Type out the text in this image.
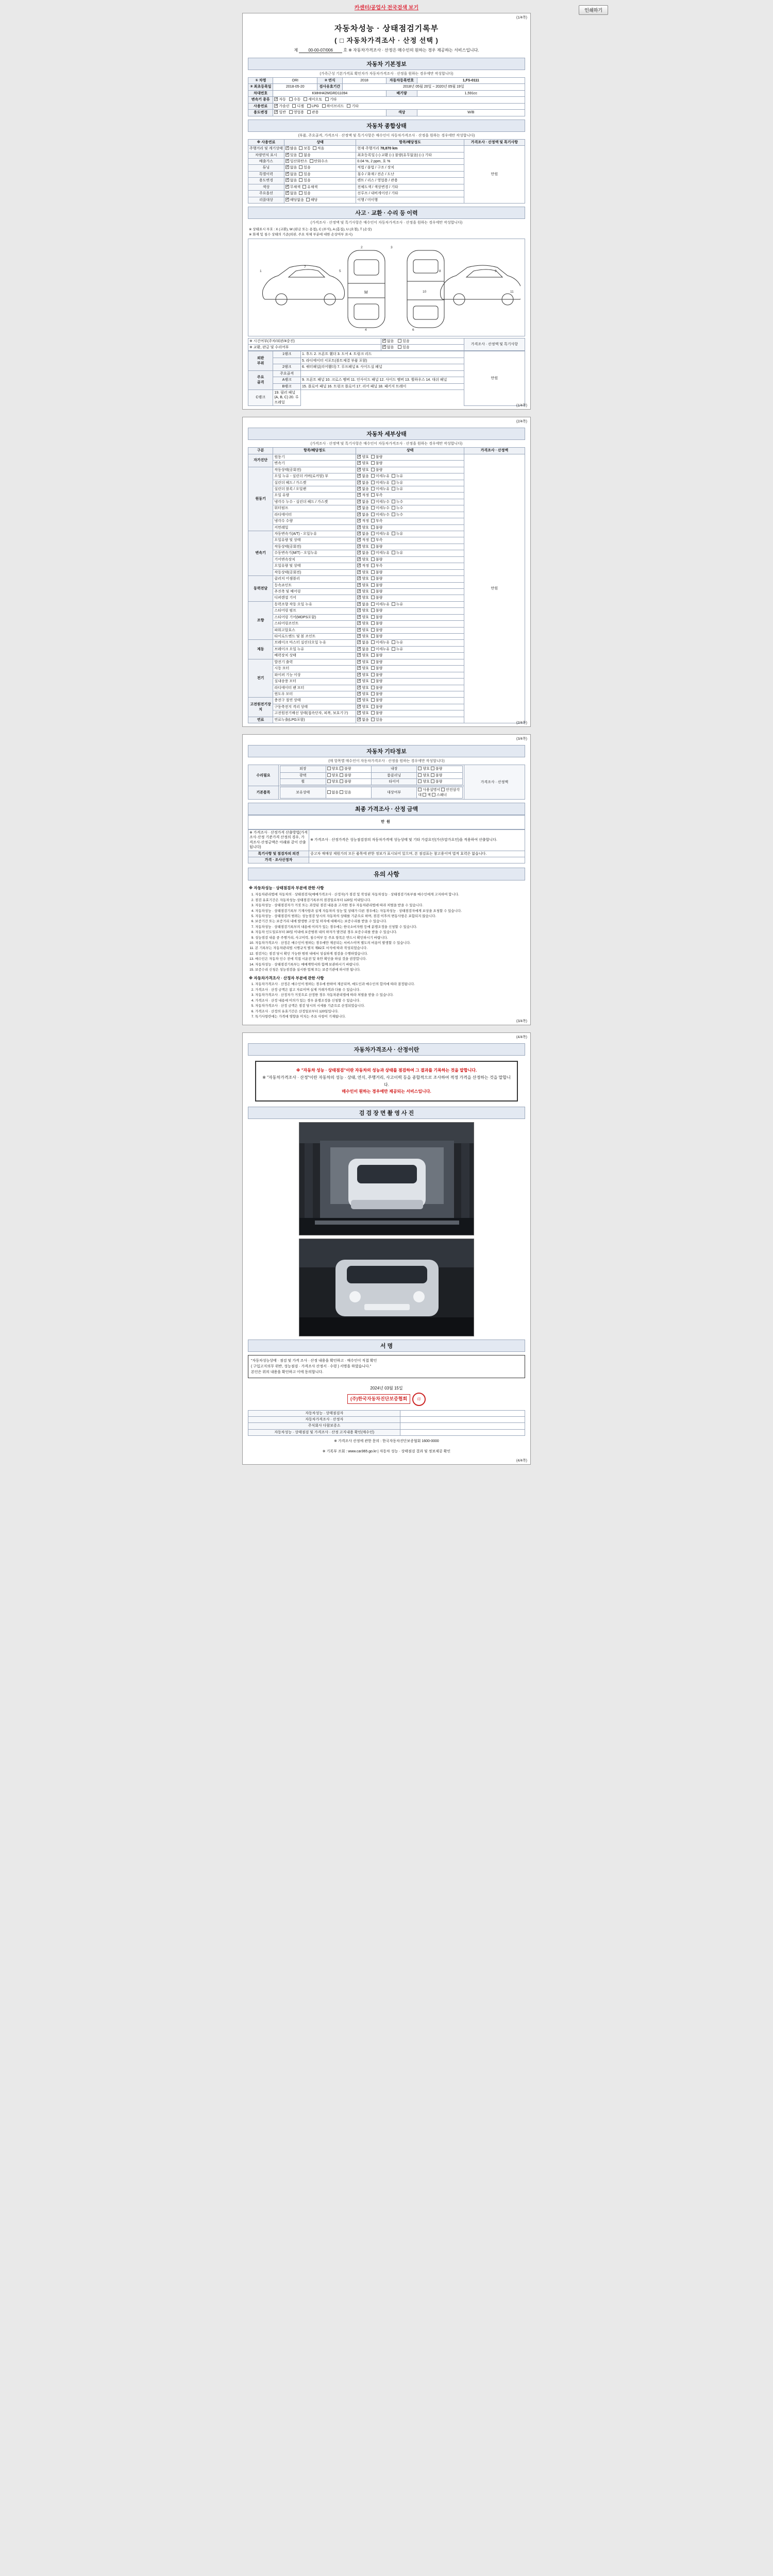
카센터/공업사 전국검색 보기	인쇄하기
(1/4쪽)
자동차성능 · 상태점검기록부
( □ 자동차가격조사 · 산정 선택 )
제	00-00-07/006	호 ※ 자동차가격조사 · 산정은 매수인의 원하는 경우 제공하는 서비스입니다.
자동차 기본정보
(가족근성 기본가격표 확인자가 자동차가격조사 · 산정을 원하는 경우에만 작성합니다)
① 차명	ORI	② 연식	2018	자동차등록번호	1,FS-0111
③ 최초등록일	2018-05-20	검사유효기간	2018년 05월 20일 ~ 2020년 05월 19일		
차대번호	KMHH42MGRD11094			배기량	1,591cc
변속기 종류	✓자동 수동 세미오토 기타
사용연료	✓가솔린 디젤 LPG 하이브리드 기타
용도변경	✓일반 영업용 관용			색상	W/B
자동차 종합상태
(부품, 주요골격, 가격조사 · 산정액 및 특기사항은 매수인이 자동차가격조사 · 산정을 원하는 경우에만 작성합니다)
※ 사용연료	상태	항목/해당정도	가격조사 · 산정액 및 특기사항
주행거리 및 계기상태	✓많음 보통 적음	현재 주행거리 78,870 km	만원
차량연식 표시	✓있음 없음	최초등록일 (○) 교환 (○) 불량(유무없음) (○) 기타	
배출가스	✓일산화탄소 탄화수소	0.04 %, 2 ppm, 호 %	
튜닝	✓없음 있음	적법 / 불법 / 구조 / 장치	
특별이력	✓없음 있음	침수 / 화재 / 전손 / 도난	
용도변경	✓없음 있음	렌트 / 리스 / 영업용 / 관용	
색상	✓무채색 유채색	전체도색 / 색상변경 / 기타	
주요옵션	✓없음 있음	선루프 / 내비게이션 / 기타	
리콜대상	✓해당없음 해당	이행 / 미이행	
사고 · 교환 · 수리 등 이력
(가격조사 · 산정액 및 특기사항은 매수인이 자동차가격조사 · 산정을 원하는 경우에만 작성합니다)
※ 상태표시 부호 : X (교환), W (판금 또는 용접), C (부식), A (흠집), U (요철), T (손상)
※ 화재 및 침수 상태의 기준(외판, 주요 차체 부분에 대한 손상여부 표시)
M
1
7
5
2	3
4	6
8	9
10	11
※ 시건여부(주차/외판/4중진)	✓없음 있음	가격조사 · 산정액 및 특기사항
※ 교환, 판금 및 수리여부	✓없음 있음
외판
부위	1랭크	1. 후드 2. 프론트 휀더 3. 도어 4. 트렁크 리드	만원
		5. 라디에이터 서포트(볼트체결 부품 포함)	
	2랭크	6. 쿼터패널(리어휀더) 7. 루프패널 8. 사이드실 패널	
주요
골격	주요골격		
	A랭크	9. 프론트 패널 10. 크로스 멤버 11. 인사이드 패널 12. 사이드 멤버 13. 휠하우스 14. 대쉬 패널	
	B랭크	15. 플로어 패널 16. 트렁크 플로어 17. 리어 패널 18. 패키지 트레이	
C랭크	19. 필러 패널 (A, B, C) 20. 루프레일		
(1/4쪽)
(2/4쪽)
자동차 세부상태
(가격조사 · 산정액 및 특기사항은 매수인이 자동차가격조사 · 산정을 원하는 경우에만 작성합니다)
구분	항목/해당정도	상태	가격조사 · 산정액
자가진단	원동기	✓양호 불량	만원
	변속기	✓양호 불량
원동기	작동상태(공회전)	✓양호 불량
	오일 누유 - 실린더 커버(로커암) 부	✓없음 미세누유 누유
	실린더 헤드 / 가스켓	✓없음 미세누유 누유
	실린더 블록 / 오일팬	✓없음 미세누유 누유
	오일 유량	✓적정 부족
	냉각수 누수 - 실린더 헤드 / 가스켓	✓없음 미세누수 누수
	워터펌프	✓없음 미세누수 누수
	라디에이터	✓없음 미세누수 누수
	냉각수 수량	✓적정 부족
	커먼레일	✓양호 불량
변속기	자동변속기(A/T) - 오일누유	✓없음 미세누유 누유
	오일유량 및 상태	✓적정 부족
	작동상태(공회전)	✓양호 불량
	수동변속기(M/T) - 오일누유	✓없음 미세누유 누유
	기어변속장치	✓양호 불량
	오일유량 및 상태	✓적정 부족
	작동상태(공회전)	✓양호 불량
동력전달	클러치 어셈블리	✓양호 불량
	등속죠인트	✓양호 불량
	추진축 및 베어링	✓양호 불량
	디퍼렌셜 기어	✓양호 불량
조향	동력조향 작동 오일 누유	✓없음 미세누유 누유
	스티어링 펌프	✓양호 불량
	스티어링 기어(MDPS포함)	✓양호 불량
	스티어링조인트	✓양호 불량
	파워고압호스	✓양호 불량
	타이로드엔드 및 볼 조인트	✓양호 불량
제동	브레이크 마스터 실린더오일 누유	✓없음 미세누유 누유
	브레이크 오일 누유	✓없음 미세누유 누유
	배력장치 상태	✓양호 불량
전기	발전기 출력	✓양호 불량
	시동 모터	✓양호 불량
	와이퍼 기능 이상	✓양호 불량
	실내송풍 모터	✓양호 불량
	라디에이터 팬 모터	✓양호 불량
	윈도우 모터	✓양호 불량
고전원전기장치	충전구 절연 상태	✓양호 불량
	구동축전지 격리 상태	✓양호 불량
	고전원전기배선 상태(접속단자, 피복, 보호기구)	✓양호 불량
연료	연료누출(LPG포함)	✓없음 있음
(2/4쪽)
(3/4쪽)
자동차 기타정보
(매 항목별 매수인이 자동차가격조사 · 산정을 원하는 경우에만 작성합니다)
수리필요	
외장	양호 불량	내장	양호 불량
광택	양호 불량	룸클리닝	양호 불량
휠	양호 불량	타이어	양호 불량
		가격조사 · 산정액
기본품목		보유상태	없음 있음	대상여부	사용설명서 안전삼각대 잭 스패너
최종 가격조사 · 산정 금액
만원
※ 가격조사 · 산정가격 산출방법(가격조사·산정 기준가격 산정의 경우, 가격조사·산정금액은 아래와 같이 산출됩니다)	※ 가격조사 · 산정가격은 성능점검장의 자동차가격에 성능상태 및 기타 가감요인(가산/감가요인)을 적용하여 산출합니다.
특기사항 및 점검자의 의견	중고차 매매상 제원가의 모든 품목에 관한 정보가 표시되어 있으며, 본 점검표는 참고용이며 법적 효력은 없습니다.
가격 · 조사산정자	
유의 사항
※ 자동차성능 · 상태점검자 부분에 관한 사항
1. 자동차관리법에 자동차의 · 상태점검자(매매가격조사 · 산정자)가 점검 및 작성된 자동차성능 · 상태점검기록부를 매수인에게 고지하여 합니다.
2. 점검 유효기간은 자동차성능·상태점검기록부의 점검일로부터 120일 이내입니다.
3. 자동차성능 · 상태점검자가 거짓 또는 과장된 점검 내용을 고지한 경우 자동차관리법에 따라 처벌을 받을 수 있습니다.
4. 자동차성능 · 상태점검기록부 기재사항과 실제 자동차의 성능 및 상태가 다른 경우에는 자동차성능 · 상태점검자에게 보상을 요청할 수 있습니다.
5. 자동차성능 · 상태점검의 범위는 성능점검 당시의 자동차의 상태를 기준으로 하며, 점검 이후의 변동사항은 포함되지 않습니다.
6. 보증기간 또는 보증거리 내에 발생한 고장 및 하자에 대해서는 보증수리를 받을 수 있습니다.
7. 자동차성능 · 상태점검기록부의 내용에 이의가 있는 경우에는 한국소비자원 등에 분쟁조정을 신청할 수 있습니다.
8. 자동차 인도일로부터 30일 이내에 보증범위 내의 하자가 발견된 경우 보증수리를 받을 수 있습니다.
9. 성능점검 내용 중 주행거리, 사고이력, 침수여부 등 주요 항목은 반드시 확인하시기 바랍니다.
10. 자동차가격조사 · 산정은 매수인이 원하는 경우에만 제공되는 서비스이며 별도의 비용이 발생할 수 있습니다.
11. 본 기록부는 자동차관리법 시행규칙 별지 제82호 서식에 따라 작성되었습니다.
12. 점검자는 점검 당시 확인 가능한 범위 내에서 성실하게 점검을 수행하였습니다.
13. 매수인은 자동차 인수 전에 직접 시운전 및 육안 확인을 하실 것을 권장합니다.
14. 자동차성능 · 상태점검기록부는 매매계약서와 함께 보관하시기 바랍니다.
15. 보증수리 신청은 성능점검을 실시한 업체 또는 보증기관에 하시면 됩니다.
※ 자동차가격조사 · 산정자 부분에 관한 사항
1. 자동차가격조사 · 산정은 매수인이 원하는 경우에 한하여 제공되며, 매도인과 매수인의 합의에 따라 결정됩니다.
2. 가격조사 · 산정 금액은 참고 자료이며 실제 거래가격과 다를 수 있습니다.
3. 자동차가격조사 · 산정자가 거짓으로 산정한 경우 자동차관리법에 따라 처벌을 받을 수 있습니다.
4. 가격조사 · 산정 내용에 이의가 있는 경우 분쟁조정을 신청할 수 있습니다.
5. 자동차가격조사 · 산정 금액은 점검 당시의 시세를 기준으로 산정되었습니다.
6. 가격조사 · 산정의 유효기간은 산정일로부터 120일입니다.
7. 특기사항란에는 가격에 영향을 미치는 주요 사항이 기재됩니다.
(3/4쪽)
(4/4쪽)
자동차가격조사 · 산정이란
※ "자동차 성능 · 상태점검"이란 자동차의 성능과 상태를 점검하여 그 결과를 기록하는 것을 말합니다.
※ "자동차가격조사 · 산정"이란 자동차의 성능 · 상태, 연식, 주행거리, 사고이력 등을 종합적으로 조사하여 적정 가격을 산정하는 것을 말합니다.
매수인이 원하는 경우에만 제공되는 서비스입니다.
검 검 장 면 촬 영 사 진
서 명
"자동차성능상태 · 점검 및 가격 조사 · 산정 내용을 확인하고 · 매수인이 직접 확인
( 구입고지의무 위반, 성능점검 · 가격조사 산정서 · 수령 ) 서명을 하였습니다."
본인은 위의 내용을 확인하고 이에 동의합니다.
2024년 03월 15일
(주)한국자동차진단보증협회	印
자동차성능 · 상태점검자	
자동차가격조사 · 산정자	
주식회사 다함보증소	
자동차성능 · 상태점검 및 가격조사 · 산정 고지내용 확인(매수인)	
※ 가격조사 산정에 관한 문의 : 한국자동차진단보증협회 1600-0000
※ 기록부 조회 : www.car365.go.kr | 자동차 성능 · 상태점검 결과 및 정보제공 확인
(4/4쪽)
